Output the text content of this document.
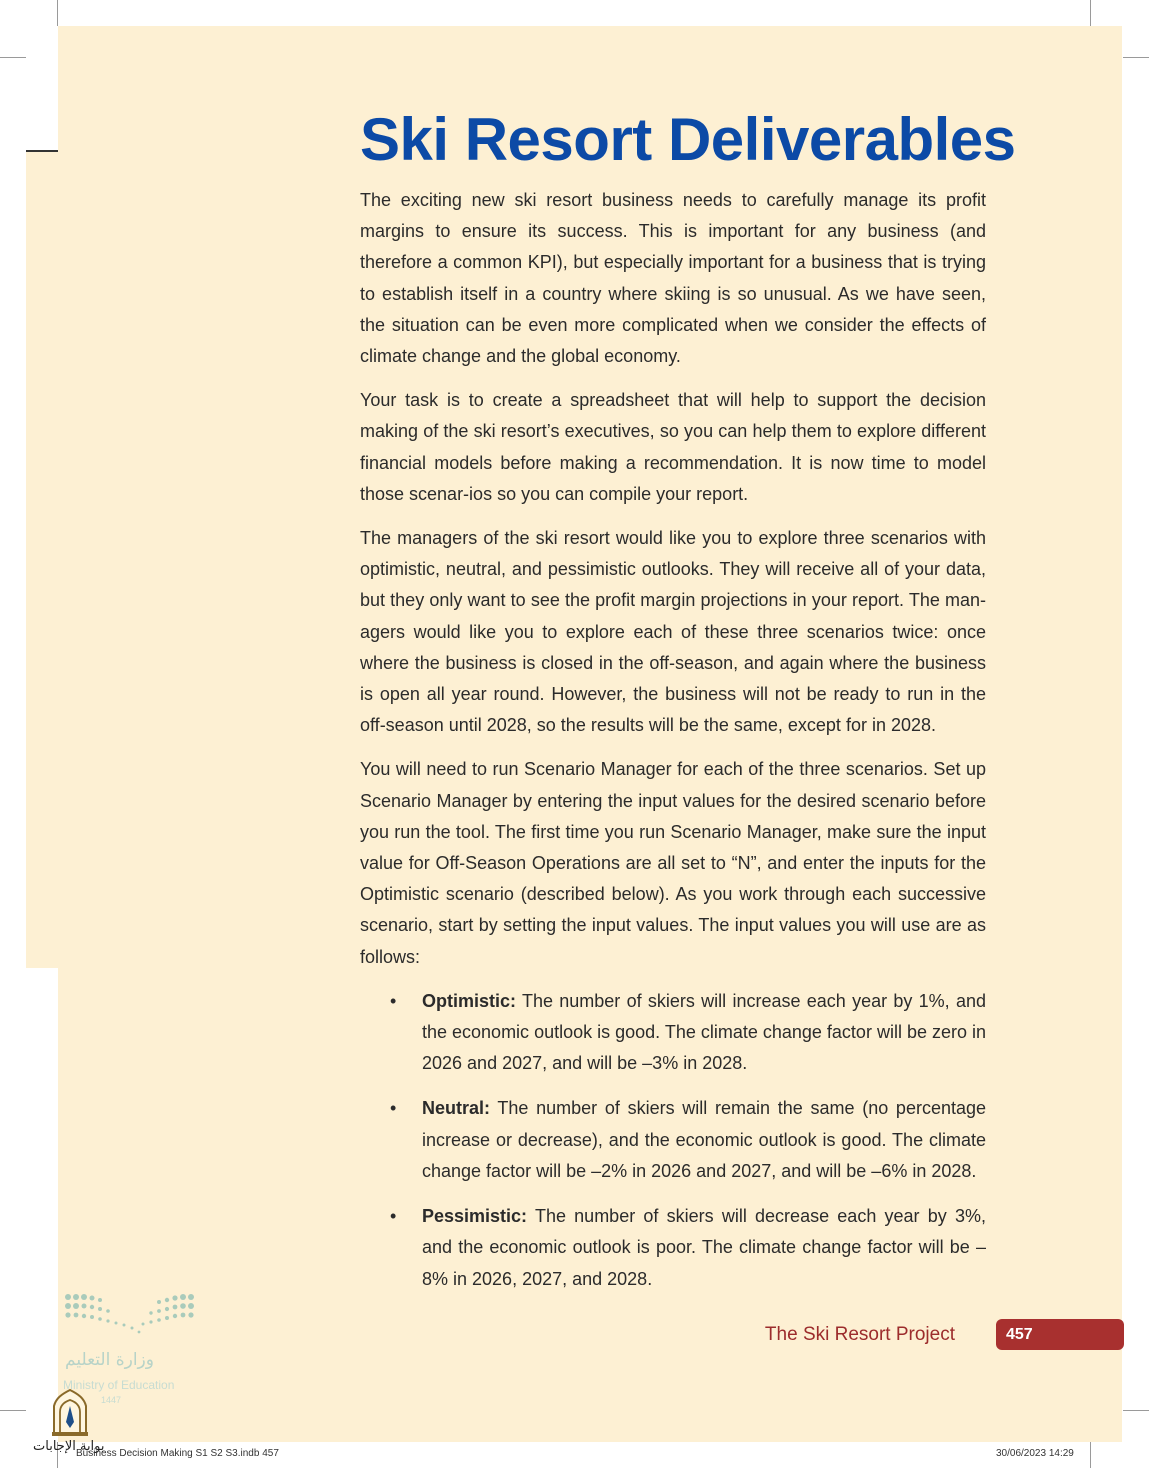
Ski Resort Deliverables

The exciting new ski resort business needs to carefully manage its profit margins to ensure its success. This is important for any business (and therefore a common KPI), but especially important for a business that is trying to establish itself in a country where skiing is so unusual. As we have seen, the situation can be even more complicated when we consider the effects of climate change and the global economy.

Your task is to create a spreadsheet that will help to support the decision making of the ski resort’s executives, so you can help them to explore different financial models before making a recommendation. It is now time to model those scenar-ios so you can compile your report.

The managers of the ski resort would like you to explore three scenarios with optimistic, neutral, and pessimistic outlooks. They will receive all of your data, but they only want to see the profit margin projections in your report. The man-agers would like you to explore each of these three scenarios twice: once where the business is closed in the off-season, and again where the business is open all year round. However, the business will not be ready to run in the off-season until 2028, so the results will be the same, except for in 2028.

You will need to run Scenario Manager for each of the three scenarios. Set up Scenario Manager by entering the input values for the desired scenario before you run the tool. The first time you run Scenario Manager, make sure the input value for Off-Season Operations are all set to “N”, and enter the inputs for the Optimistic scenario (described below). As you work through each successive scenario, start by setting the input values. The input values you will use are as follows:

• Optimistic: The number of skiers will increase each year by 1%, and the economic outlook is good. The climate change factor will be zero in 2026 and 2027, and will be –3% in 2028.
• Neutral: The number of skiers will remain the same (no percentage increase or decrease), and the economic outlook is good. The climate change factor will be –2% in 2026 and 2027, and will be –6% in 2028.
• Pessimistic: The number of skiers will decrease each year by 3%, and the economic outlook is poor. The climate change factor will be –8% in 2026, 2027, and 2028.
The Ski Resort Project	457
وزارة التعليم
Ministry of Education
1447
بوابة الإجابات
Business Decision Making S1 S2 S3.indb 457	30/06/2023 14:29
